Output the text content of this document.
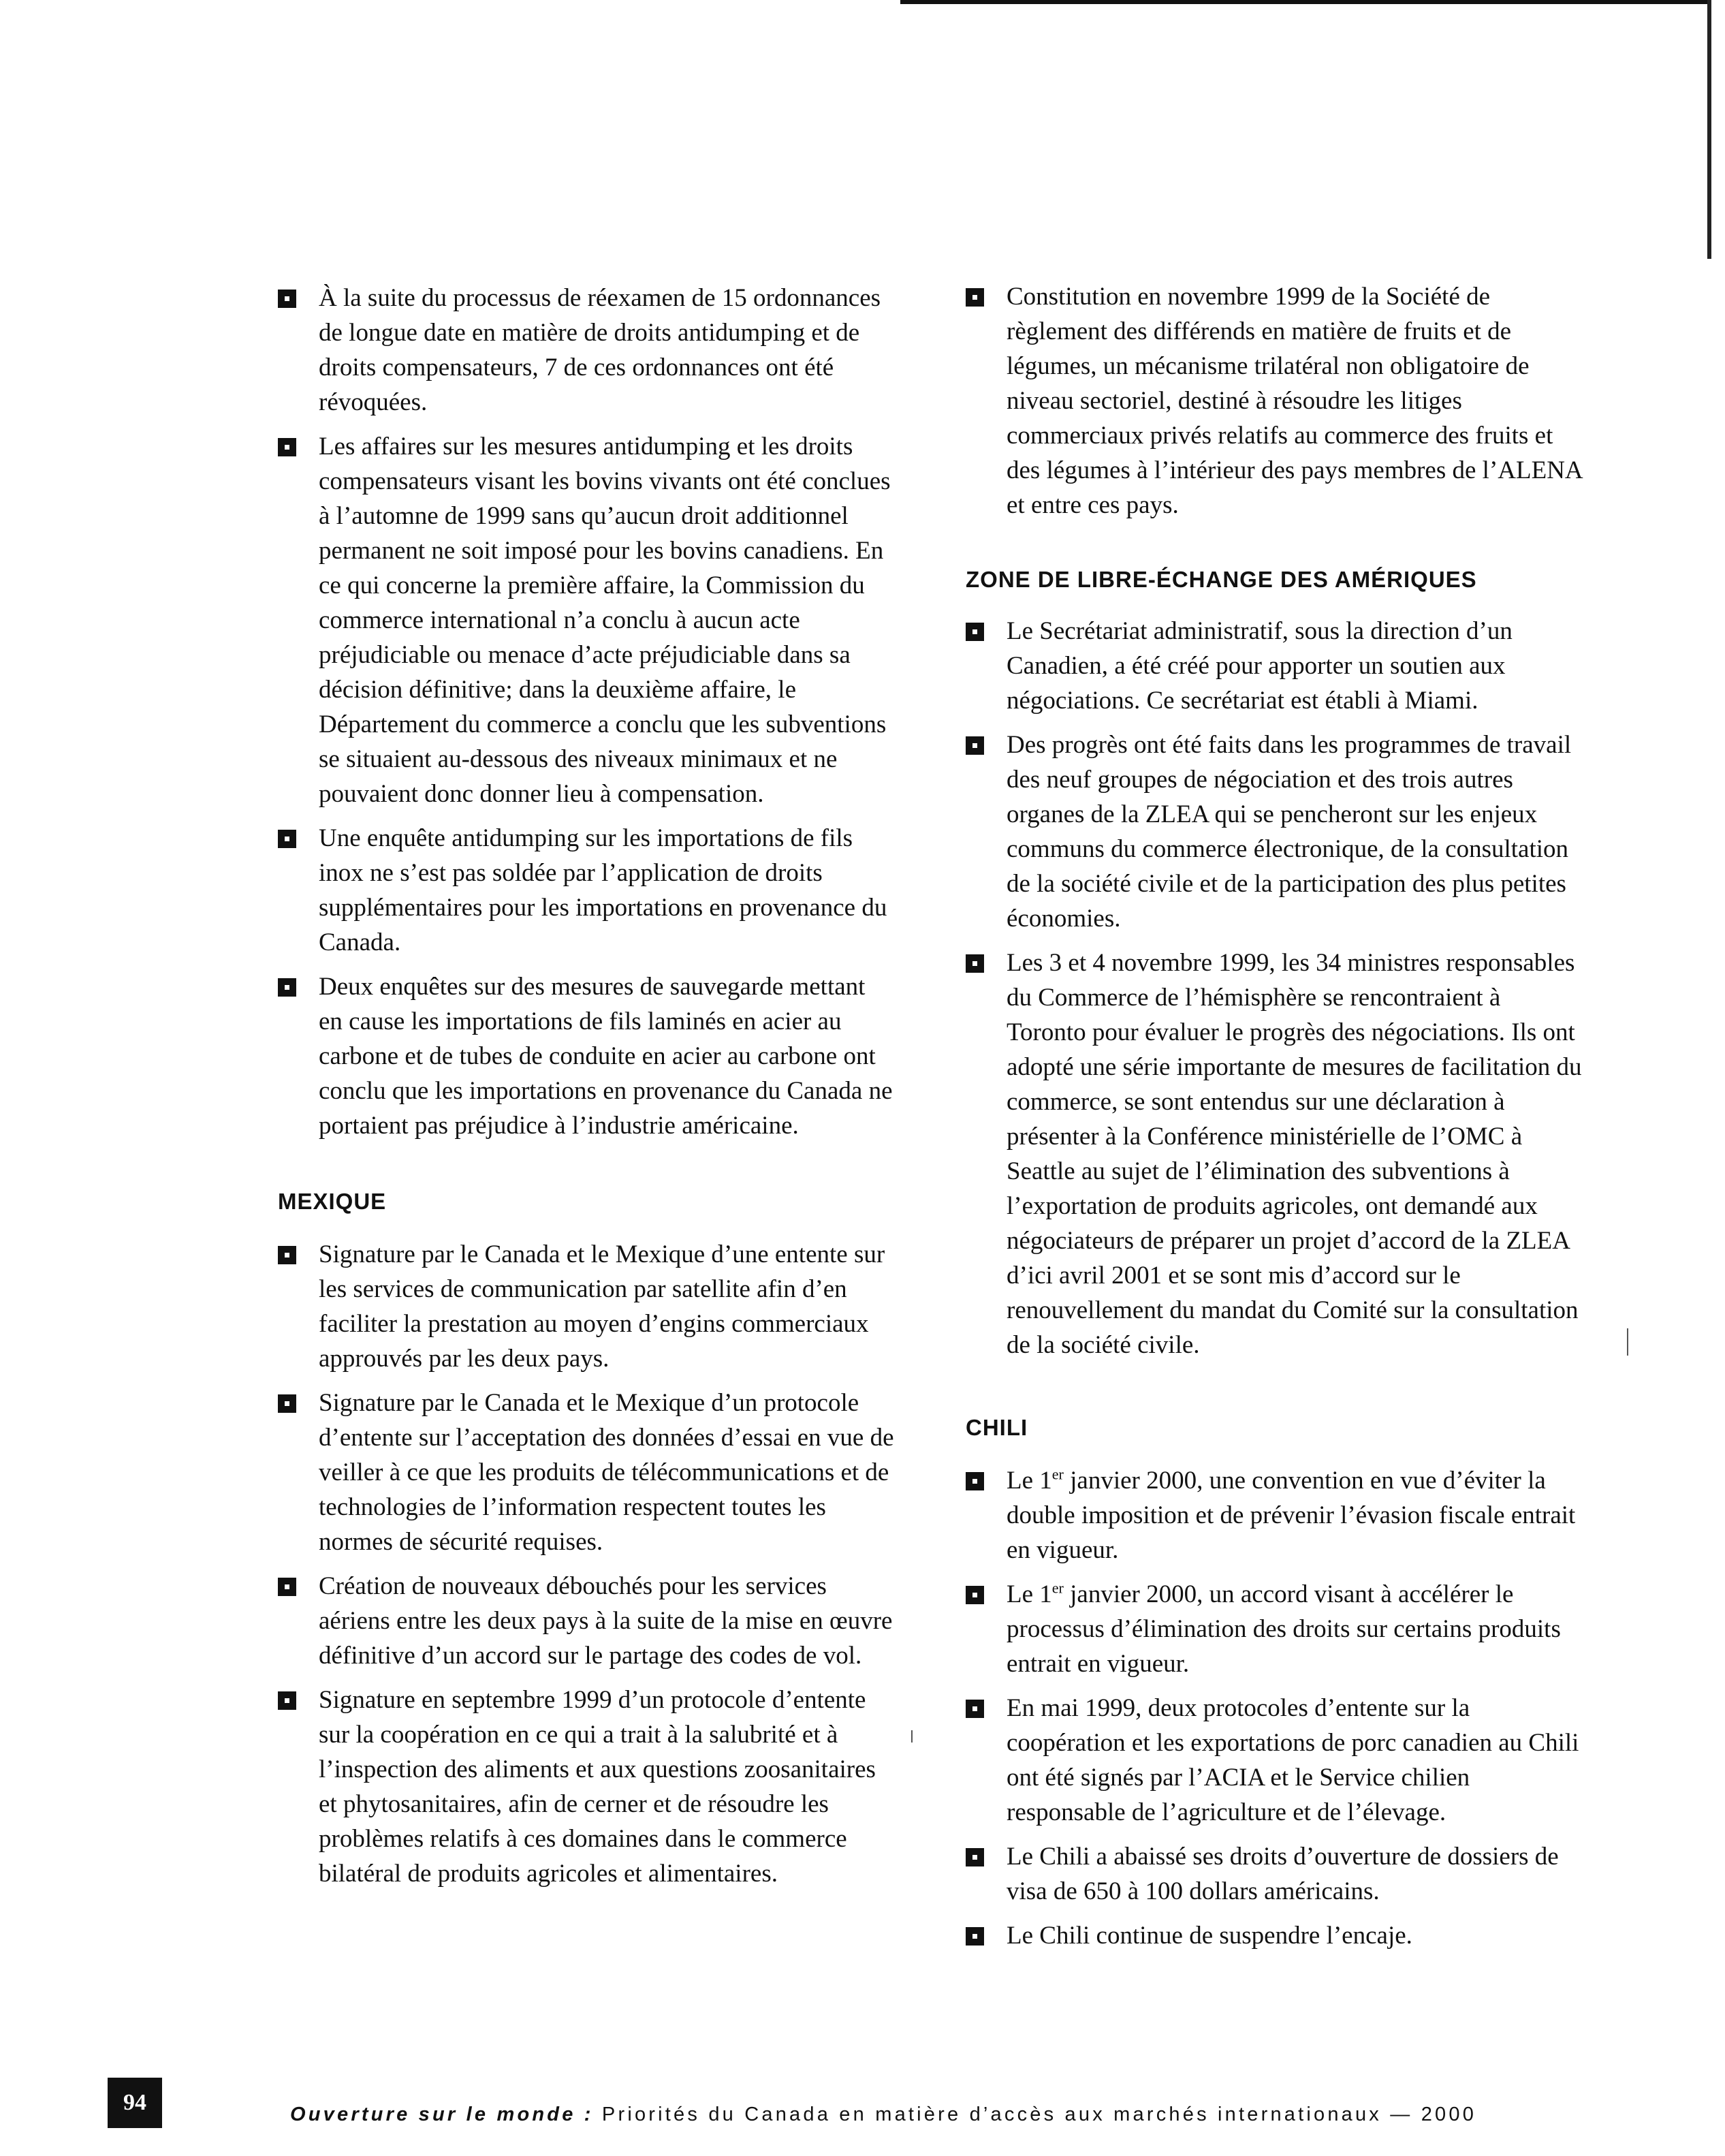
À la suite du processus de réexamen de 15 ordonnances de longue date en matière de droits antidumping et de droits compensateurs, 7 de ces ordonnances ont été révoquées.
Les affaires sur les mesures antidumping et les droits compensateurs visant les bovins vivants ont été conclues à l’automne de 1999 sans qu’aucun droit additionnel permanent ne soit imposé pour les bovins canadiens. En ce qui concerne la première affaire, la Commission du commerce international n’a conclu à aucun acte préjudiciable ou menace d’acte préjudiciable dans sa décision définitive; dans la deuxième affaire, le Département du commerce a conclu que les subventions se situaient au-dessous des niveaux minimaux et ne pouvaient donc donner lieu à compensation.
Une enquête antidumping sur les importations de fils inox ne s’est pas soldée par l’application de droits supplémentaires pour les importations en provenance du Canada.
Deux enquêtes sur des mesures de sauvegarde mettant en cause les importations de fils laminés en acier au carbone et de tubes de conduite en acier au carbone ont conclu que les importations en provenance du Canada ne portaient pas préjudice à l’industrie américaine.
MEXIQUE
Signature par le Canada et le Mexique d’une entente sur les services de communication par satellite afin d’en faciliter la prestation au moyen d’engins commerciaux approuvés par les deux pays.
Signature par le Canada et le Mexique d’un protocole d’entente sur l’acceptation des données d’essai en vue de veiller à ce que les produits de télécommunications et de technologies de l’information respectent toutes les normes de sécurité requises.
Création de nouveaux débouchés pour les services aériens entre les deux pays à la suite de la mise en œuvre définitive d’un accord sur le partage des codes de vol.
Signature en septembre 1999 d’un protocole d’entente sur la coopération en ce qui a trait à la salubrité et à l’inspection des aliments et aux questions zoosanitaires et phytosanitaires, afin de cerner et de résoudre les problèmes relatifs à ces domaines dans le commerce bilatéral de produits agricoles et alimentaires.
Constitution en novembre 1999 de la Société de règlement des différends en matière de fruits et de légumes, un mécanisme trilatéral non obligatoire de niveau sectoriel, destiné à résoudre les litiges commerciaux privés relatifs au commerce des fruits et des légumes à l’intérieur des pays membres de l’ALENA et entre ces pays.
ZONE DE LIBRE-ÉCHANGE DES AMÉRIQUES
Le Secrétariat administratif, sous la direction d’un Canadien, a été créé pour apporter un soutien aux négociations. Ce secrétariat est établi à Miami.
Des progrès ont été faits dans les programmes de travail des neuf groupes de négociation et des trois autres organes de la ZLEA qui se pencheront sur les enjeux communs du commerce électronique, de la consultation de la société civile et de la participation des plus petites économies.
Les 3 et 4 novembre 1999, les 34 ministres responsables du Commerce de l’hémisphère se rencontraient à Toronto pour évaluer le progrès des négociations. Ils ont adopté une série importante de mesures de facilitation du commerce, se sont entendus sur une déclaration à présenter à la Conférence ministérielle de l’OMC à Seattle au sujet de l’élimination des subventions à l’exportation de produits agricoles, ont demandé aux négociateurs de préparer un projet d’accord de la ZLEA d’ici avril 2001 et se sont mis d’accord sur le renouvellement du mandat du Comité sur la consultation de la société civile.
CHILI
Le 1er janvier 2000, une convention en vue d’éviter la double imposition et de prévenir l’évasion fiscale entrait en vigueur.
Le 1er janvier 2000, un accord visant à accélérer le processus d’élimination des droits sur certains produits entrait en vigueur.
En mai 1999, deux protocoles d’entente sur la coopération et les exportations de porc canadien au Chili ont été signés par l’ACIA et le Service chilien responsable de l’agriculture et de l’élevage.
Le Chili a abaissé ses droits d’ouverture de dossiers de visa de 650 à 100 dollars américains.
Le Chili continue de suspendre l’encaje.
94	Ouverture sur le monde : Priorités du Canada en matière d’accès aux marchés internationaux — 2000
